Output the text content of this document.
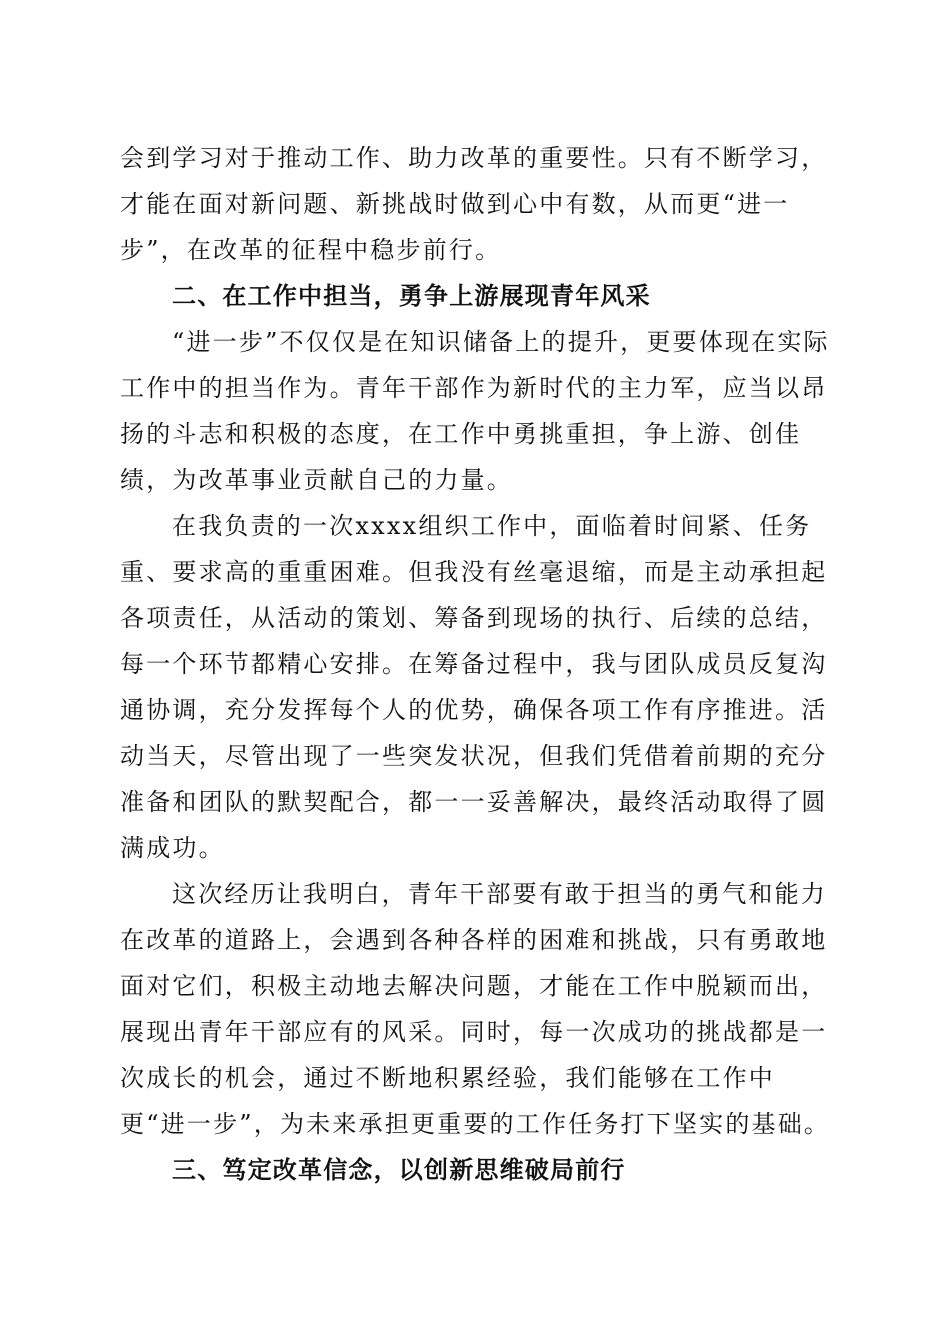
会到学习对于推动工作、助力改革的重要性。只有不断学习，才能在面对新问题、新挑战时做到心中有数，从而更“进一步”，在改革的征程中稳步前行。

二、在工作中担当，勇争上游展现青年风采

“进一步”不仅仅是在知识储备上的提升，更要体现在实际工作中的担当作为。青年干部作为新时代的主力军，应当以昂扬的斗志和积极的态度，在工作中勇挑重担，争上游、创佳绩，为改革事业贡献自己的力量。

在我负责的一次xxxx组织工作中，面临着时间紧、任务重、要求高的重重困难。但我没有丝毫退缩，而是主动承担起各项责任，从活动的策划、筹备到现场的执行、后续的总结，每一个环节都精心安排。在筹备过程中，我与团队成员反复沟通协调，充分发挥每个人的优势，确保各项工作有序推进。活动当天，尽管出现了一些突发状况，但我们凭借着前期的充分准备和团队的默契配合，都一一妥善解决，最终活动取得了圆满成功。

这次经历让我明白，青年干部要有敢于担当的勇气和能力在改革的道路上，会遇到各种各样的困难和挑战，只有勇敢地面对它们，积极主动地去解决问题，才能在工作中脱颖而出，展现出青年干部应有的风采。同时，每一次成功的挑战都是一次成长的机会，通过不断地积累经验，我们能够在工作中更“进一步”，为未来承担更重要的工作任务打下坚实的基础。

三、笃定改革信念，以创新思维破局前行
